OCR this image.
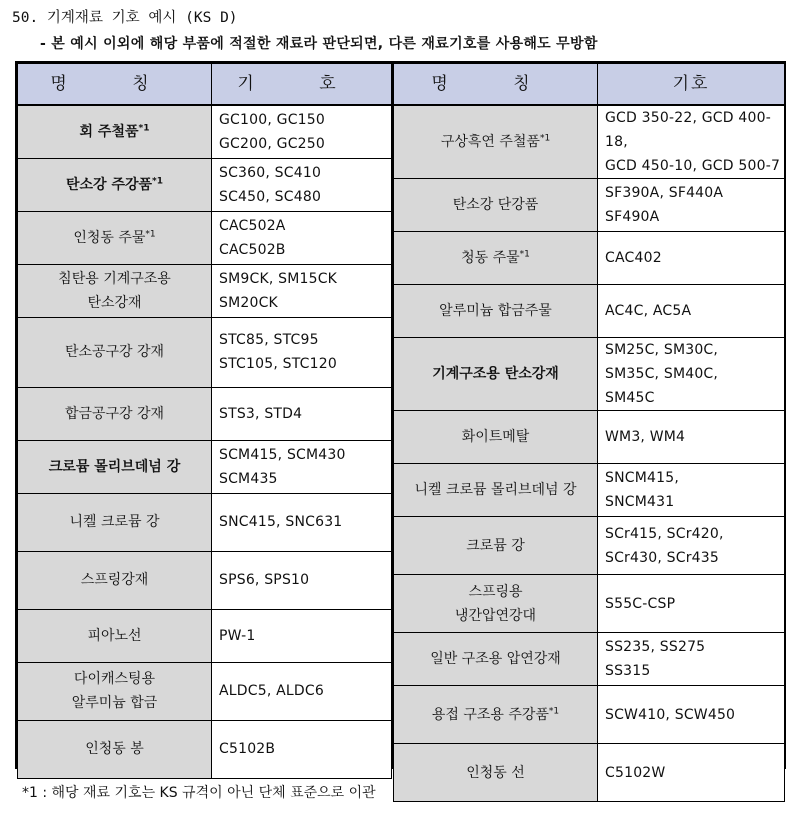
50. 기계재료 기호 예시 (KS D)
- 본 예시 이외에 해당 부품에 적절한 재료라 판단되면, 다른 재료기호를 사용해도 무방함
명 칭	기 호
회 주철품$^{*1}$	GC100, GC150
GC200, GC250
탄소강 주강품$^{*1}$	SC360, SC410
SC450, SC480
인청동 주물$^{*1}$	CAC502A
CAC502B
침탄용 기계구조용
탄소강재	SM9CK, SM15CK
SM20CK
탄소공구강 강재	STC85, STC95
STC105, STC120
합금공구강 강재	STS3, STD4
크로뮴 몰리브데넘 강	SCM415, SCM430
SCM435
니켈 크로뮴 강	SNC415, SNC631
스프링강재	SPS6, SPS10
피아노선	PW-1
다이캐스팅용
알루미늄 합금	ALDC5, ALDC6
인청동 봉	C5102B
명 칭	기호
구상흑연 주철품$^{*1}$	GCD 350-22, GCD 400-18,
GCD 450-10, GCD 500-7
탄소강 단강품	SF390A, SF440A
SF490A
청동 주물$^{*1}$	CAC402
알루미늄 합금주물	AC4C, AC5A
기계구조용 탄소강재	SM25C, SM30C,
SM35C, SM40C,
SM45C
화이트메탈	WM3, WM4
니켈 크로뮴 몰리브데넘 강	SNCM415,
SNCM431
크로뮴 강	SCr415, SCr420,
SCr430, SCr435
스프링용
냉간압연강대	S55C-CSP
일반 구조용 압연강재	SS235, SS275
SS315
용접 구조용 주강품$^{*1}$	SCW410, SCW450
인청동 선	C5102W
*1 : 해당 재료 기호는 KS 규격이 아닌 단체 표준으로 이관
